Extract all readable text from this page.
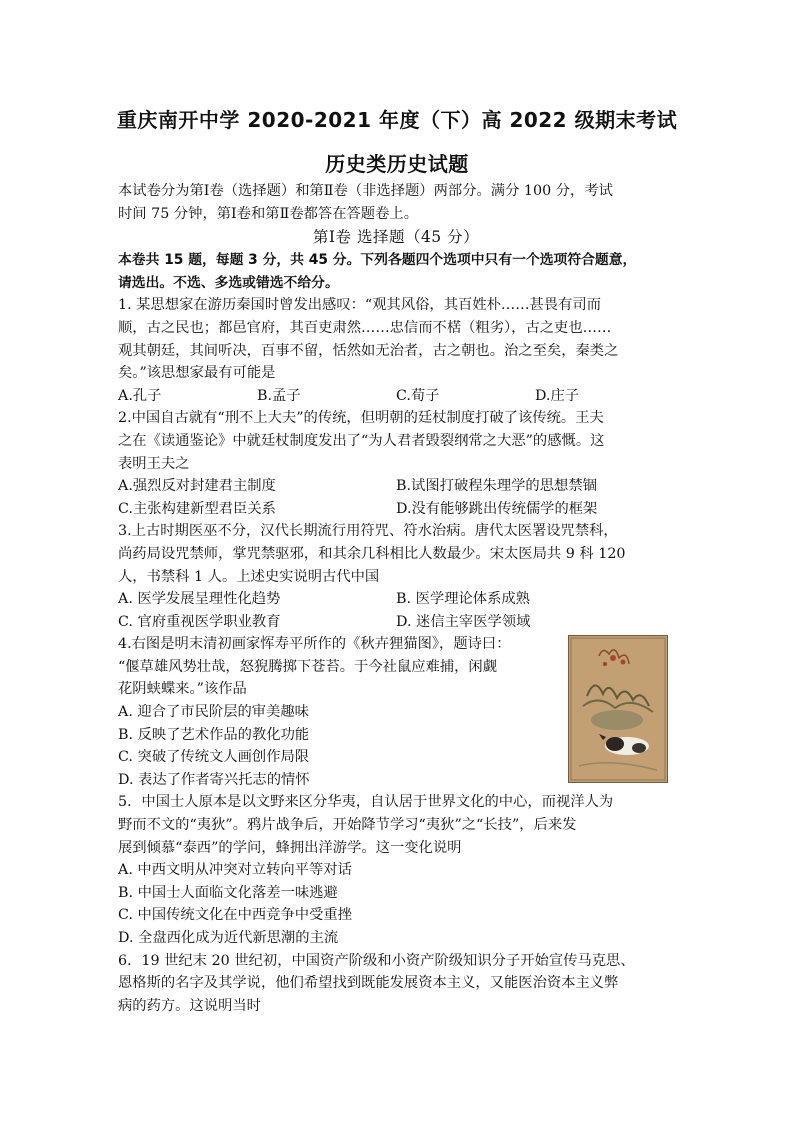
重庆南开中学 2020-2021 年度（下）高 2022 级期末考试
历史类历史试题

本试卷分为第Ⅰ卷（选择题）和第Ⅱ卷（非选择题）两部分。满分 100 分，考试

时间 75 分钟，第Ⅰ卷和第Ⅱ卷都答在答题卷上。

第Ⅰ卷 选择题（45 分）

本卷共 15 题，每题 3 分，共 45 分。下列各题四个选项中只有一个选项符合题意，

请选出。不选、多选或错选不给分。

1. 某思想家在游历秦国时曾发出感叹：“观其风俗，其百姓朴……甚畏有司而

顺，古之民也；都邑官府，其百吏肃然……忠信而不楛（粗劣），古之吏也……

观其朝廷，其间听决，百事不留，恬然如无治者，古之朝也。治之至矣，秦类之

矣。”该思想家最有可能是

A.孔子	B.孟子	C.荀子	D.庄子

2.中国自古就有“刑不上大夫”的传统，但明朝的廷杖制度打破了该传统。王夫

之在《读通鉴论》中就廷杖制度发出了“为人君者毁裂纲常之大恶”的感慨。这

表明王夫之

A.强烈反对封建君主制度	B.试图打破程朱理学的思想禁锢
C.主张构建新型君臣关系	D.没有能够跳出传统儒学的框架

3.上古时期医巫不分，汉代长期流行用符咒、符水治病。唐代太医署设咒禁科，

尚药局设咒禁师，掌咒禁驱邪，和其余几科相比人数最少。宋太医局共 9 科 120

人，书禁科 1 人。上述史实说明古代中国

A. 医学发展呈理性化趋势	B. 医学理论体系成熟
C. 官府重视医学职业教育	D. 迷信主宰医学领域

4.右图是明末清初画家恽寿平所作的《秋卉狸猫图》，题诗曰：

“偃草雄风势壮哉，怒猊腾掷下苍苔。于今社鼠应难捕，闲觑

花阴蛱蝶来。”该作品

A. 迎合了市民阶层的审美趣味

B. 反映了艺术作品的教化功能

C. 突破了传统文人画创作局限

D. 表达了作者寄兴托志的情怀

5．中国士人原本是以文野来区分华夷，自认居于世界文化的中心，而视洋人为

野而不文的“夷狄”。鸦片战争后，开始降节学习“夷狄”之“长技”，后来发

展到倾慕“泰西”的学问，蜂拥出洋游学。这一变化说明

A. 中西文明从冲突对立转向平等对话

B. 中国士人面临文化落差一味逃避

C. 中国传统文化在中西竞争中受重挫

D. 全盘西化成为近代新思潮的主流

6．19 世纪末 20 世纪初，中国资产阶级和小资产阶级知识分子开始宣传马克思、

恩格斯的名字及其学说，他们希望找到既能发展资本主义，又能医治资本主义弊

病的药方。这说明当时
